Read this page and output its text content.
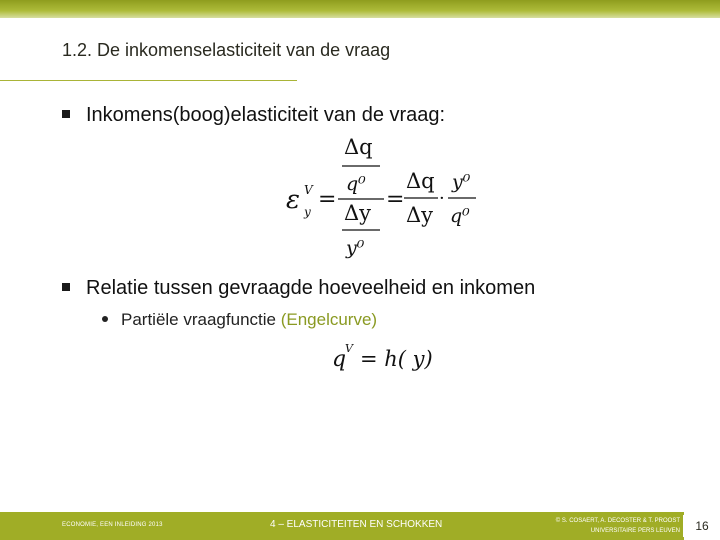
1.2. De inkomenselasticiteit van de vraag
Inkomens(boog)elasticiteit van de vraag:
Δq
q⁰
ε V
y =
Δy
y⁰
=
Δq
Δy
·
y⁰
q⁰
Relatie tussen gevraagde hoeveelheid en inkomen
Partiële vraagfunctie (Engelcurve)
q
V = h( y)
ECONOMIE, EEN INLEIDING 2013	4 – ELASTICITEITEN EN SCHOKKEN	© S. COSAERT, A. DECOSTER & T. PROOST
UNIVERSITAIRE PERS LEUVEN	16
